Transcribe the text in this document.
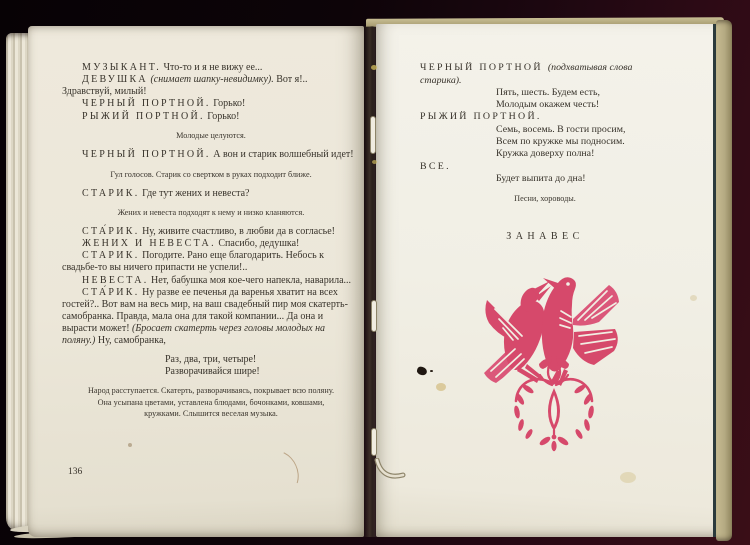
МУЗЫКАНТ. Что-то и я не вижу ее...

ДЕВУШКА (снимает шапку-невидимку). Вот я!.. Здравствуй, милый!

ЧЕРНЫЙ ПОРТНОЙ. Горько!

РЫЖИЙ ПОРТНОЙ. Горько!

Молодые целуются.

ЧЕРНЫЙ ПОРТНОЙ. А вон и старик волшебный идет!

Гул голосов. Старик со свертком в руках подходит ближе.

СТАРИК. Где тут жених и невеста?

Жених и невеста подходят к нему и низко кланяются.

СТА́РИК. Ну, живите счастливо, в любви да в согласье!

ЖЕНИХ И НЕВЕСТА. Спасибо, дедушка!

СТАРИК. Погодите. Рано еще благодарить. Небось к свадьбе-то вы ничего припасти не успели!..

НЕВЕСТА. Нет, бабушка моя кое-чего напекла, наварила...

СТА́РИК. Ну разве ее печенья да варенья хватит на всех гостей?.. Вот вам на весь мир, на ваш свадебный пир моя скатерть-самобранка. Правда, мала она для такой компании... Да она и вырасти может! (Бросает скатерть через головы молодых на поляну.) Ну, самобранка,

Раз, два, три, четыре!
Разворачивайся шире!

Народ расступается. Скатерть, разворачиваясь, покрывает всю поляну. Она усыпана цветами, уставлена блюдами, бочонками, ковшами, кружками. Слышится веселая музыка.

136

ЧЕРНЫЙ ПОРТНОЙ (подхватывая слова старика).

Пять, шесть. Будем есть,
Молодым окажем честь!

РЫЖИЙ ПОРТНОЙ.

Семь, восемь. В гости просим,
Всем по кружке мы подносим.
Кружка доверху полна!

ВСЕ.

Будет выпита до дна!

Песни, хороводы.

ЗАНАВЕС
